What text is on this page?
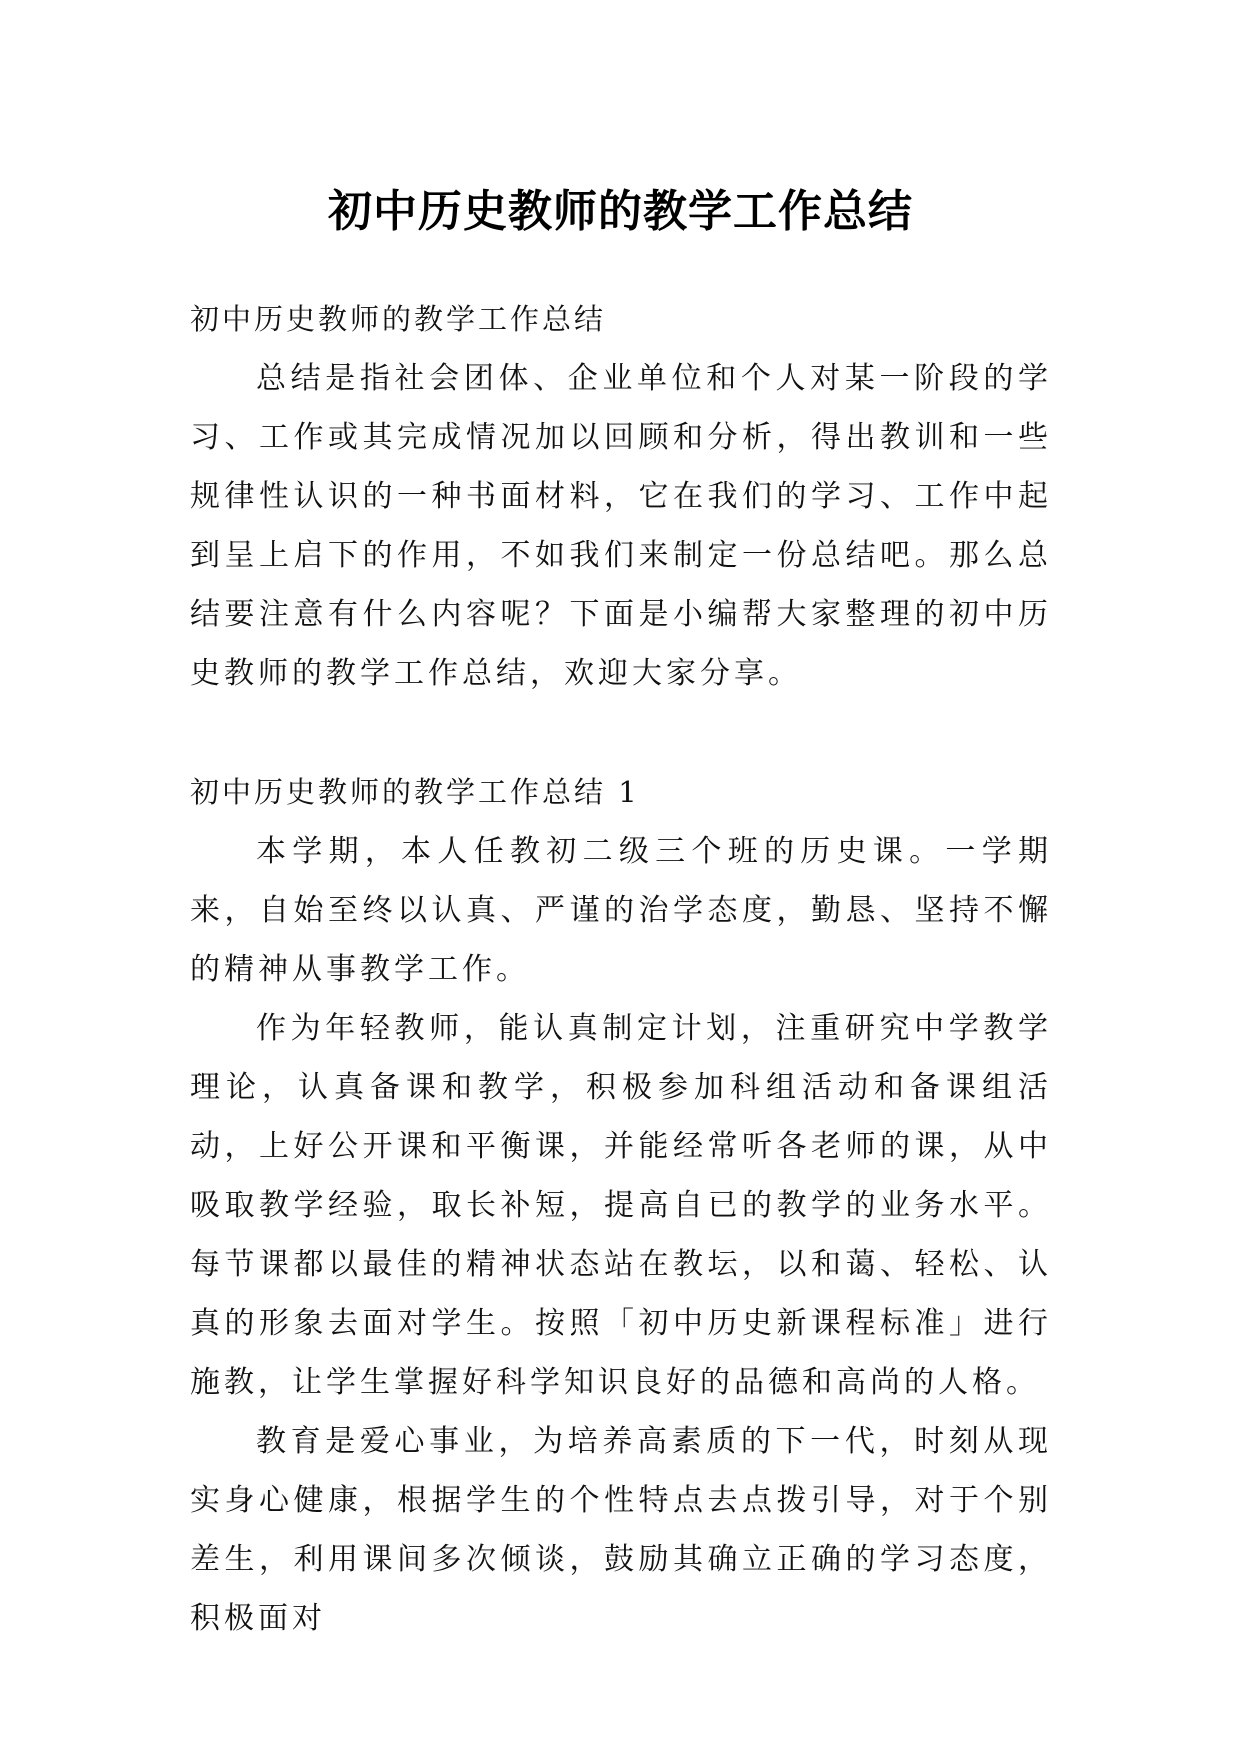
初中历史教师的教学工作总结

初中历史教师的教学工作总结

总结是指社会团体、企业单位和个人对某一阶段的学习、工作或其完成情况加以回顾和分析，得出教训和一些规律性认识的一种书面材料，它在我们的学习、工作中起到呈上启下的作用，不如我们来制定一份总结吧。那么总结要注意有什么内容呢？下面是小编帮大家整理的初中历史教师的教学工作总结，欢迎大家分享。

初中历史教师的教学工作总结 1

本学期，本人任教初二级三个班的历史课。一学期来，自始至终以认真、严谨的治学态度，勤恳、坚持不懈的精神从事教学工作。

作为年轻教师，能认真制定计划，注重研究中学教学理论，认真备课和教学，积极参加科组活动和备课组活动，上好公开课和平衡课，并能经常听各老师的课，从中吸取教学经验，取长补短，提高自已的教学的业务水平。每节课都以最佳的精神状态站在教坛，以和蔼、轻松、认真的形象去面对学生。按照「初中历史新课程标准」进行施教，让学生掌握好科学知识良好的品德和高尚的人格。

教育是爱心事业，为培养高素质的下一代，时刻从现实身心健康，根据学生的个性特点去点拨引导，对于个别差生，利用课间多次倾谈，鼓励其确立正确的学习态度，积极面对
